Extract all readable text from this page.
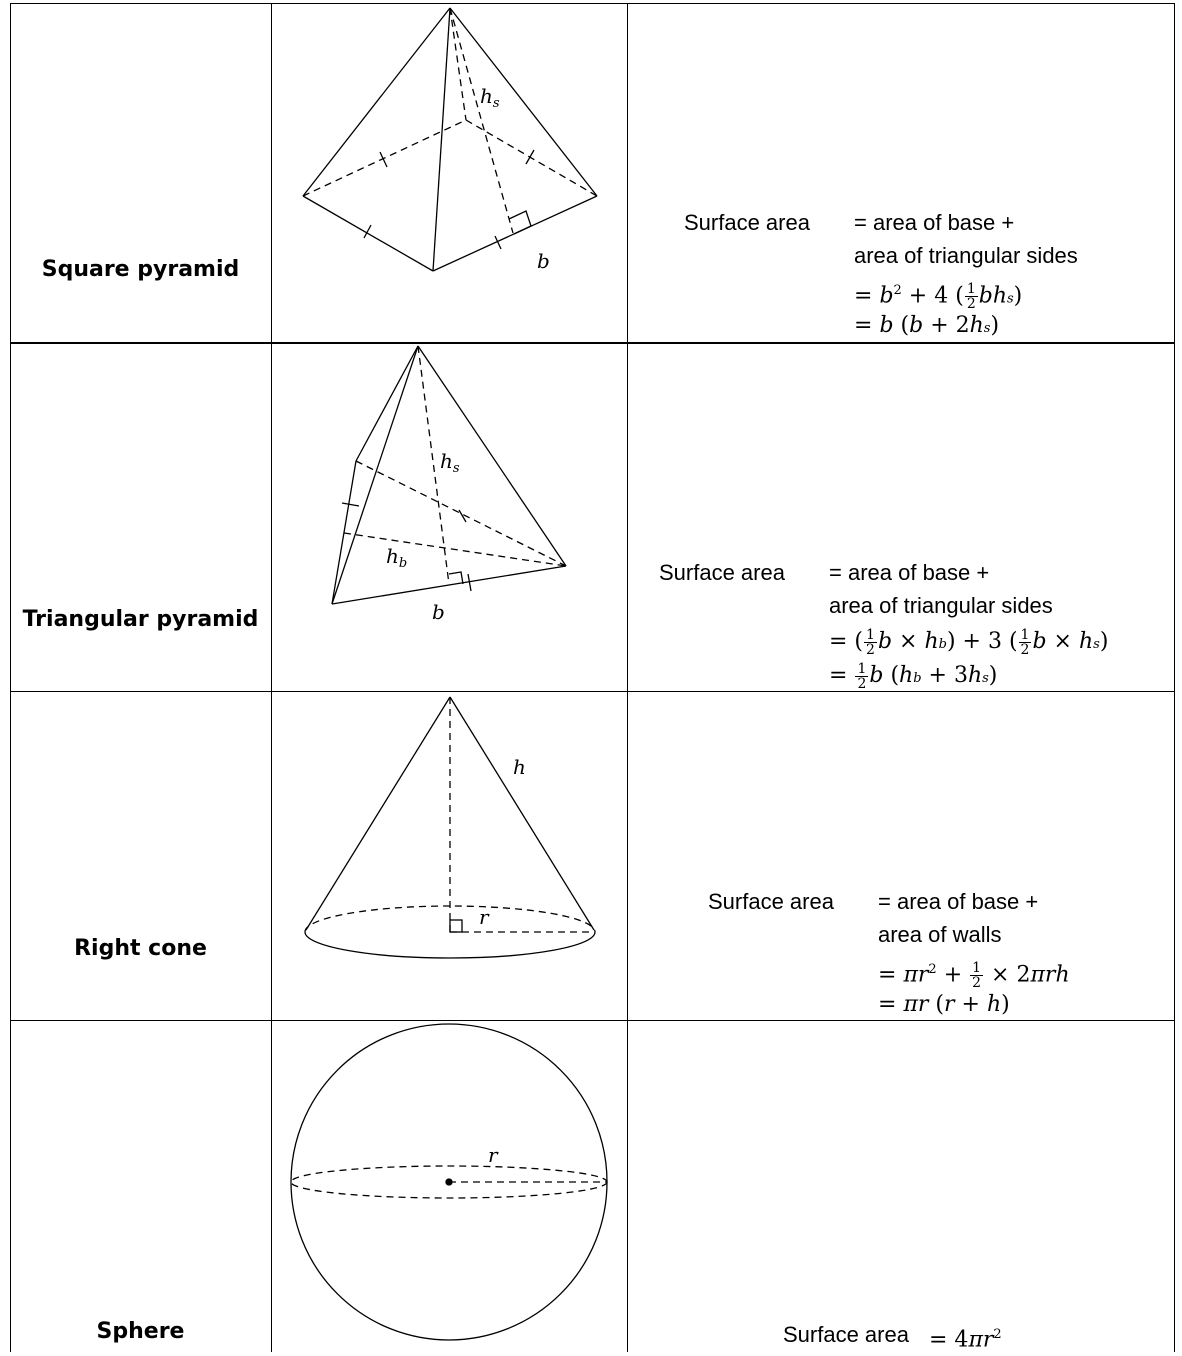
Square pyramid
$h_s$
b
Surface area = area of base +
area of triangular sides
= $b^2 + 4$ ( $\frac{1}{2} bhs$)
= b (b + 2hs)
Triangular pyramid
$h_s$
$h_b$
b
Surface area = area of base +
area of triangular sides
= ( $\frac{1}{2}$ b × hb) + 3 ( $\frac{1}{2}$ b × hs)
= $\frac{1}{2}$ b (hb + 3hs)
Right cone
h
r
Surface area = area of base +
area of walls
= $\pi r^2 + \frac{1}{2} \times 2\pi rh$
= πr (r + h)
Sphere
r
Surface area = $4\pi r^2$
